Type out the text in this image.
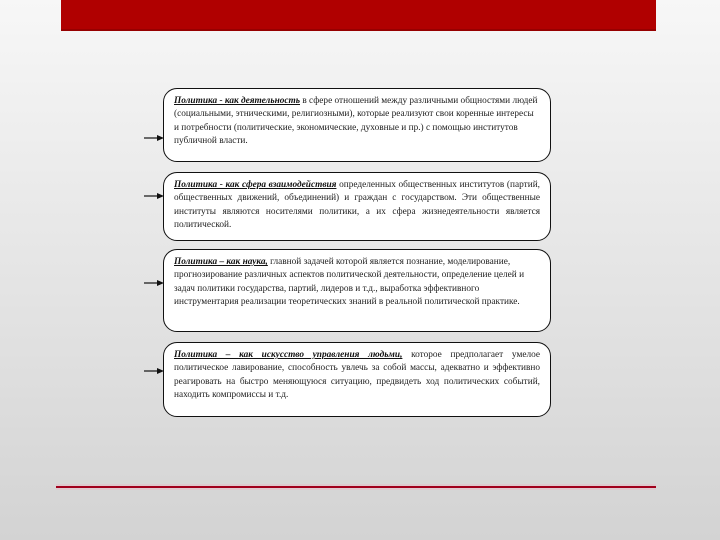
Политика - как деятельность в сфере отношений между различными общностями людей (социальными, этническими, религиозными), которые реализуют свои коренные интересы и потребности (политические, экономические, духовные и пр.) с помощью институтов публичной власти.
Политика - как сфера взаимодействия определенных общественных институтов (партий, общественных движений, объединений) и граждан с государством. Эти общественные институты являются носителями политики, а их сфера жизнедеятельности является политической.
Политика – как наука, главной задачей которой является познание, моделирование, прогнозирование различных аспектов политической деятельности, определение целей и задач политики государства, партий, лидеров и т.д., выработка эффективного инструментария реализации теоретических знаний в реальной политической практике.
Политика – как искусство управления людьми, которое предполагает умелое политическое лавирование, способность увлечь за собой массы, адекватно и эффективно реагировать на быстро меняющуюся ситуацию, предвидеть ход политических событий, находить компромиссы и т.д.
